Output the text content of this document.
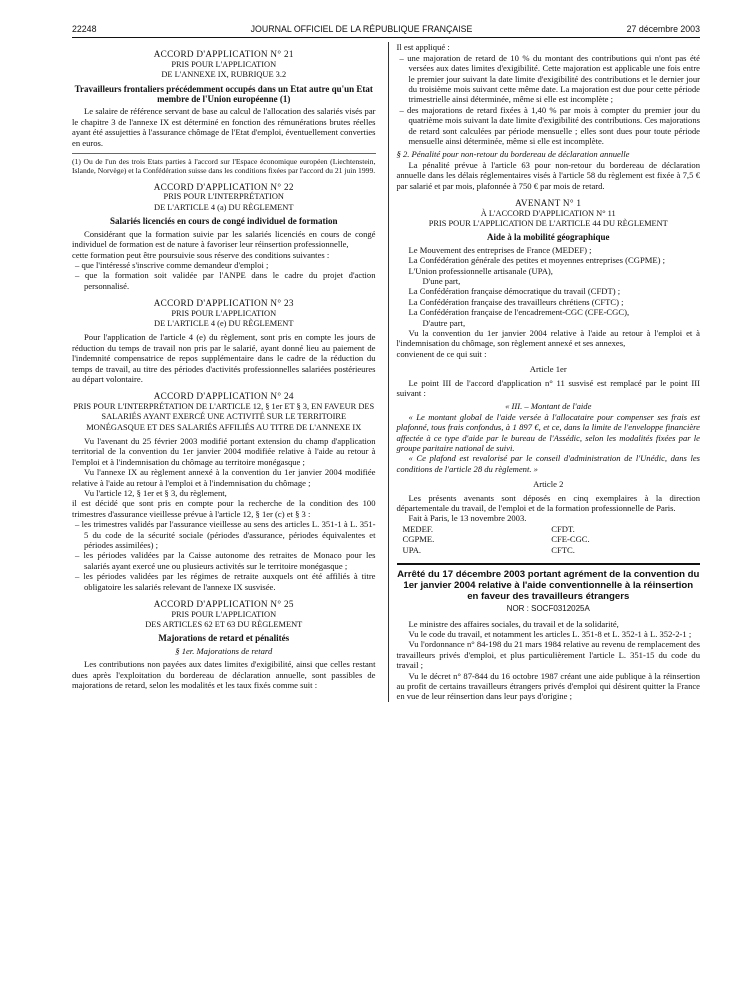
22248	JOURNAL OFFICIEL DE LA RÉPUBLIQUE FRANÇAISE	27 décembre 2003
ACCORD D'APPLICATION N° 21
PRIS POUR L'APPLICATION
DE L'ANNEXE IX, RUBRIQUE 3.2
Travailleurs frontaliers précédemment occupés dans un Etat autre qu'un Etat membre de l'Union européenne (1)

Le salaire de référence servant de base au calcul de l'allocation des salariés visés par le chapitre 3 de l'annexe IX est déterminé en fonction des rémunérations brutes réelles ayant été assujetties à l'assurance chômage de l'Etat d'emploi, éventuellement converties en euros.

(1) Ou de l'un des trois Etats parties à l'accord sur l'Espace économique européen (Liechtenstein, Islande, Norvège) et la Confédération suisse dans les conditions fixées par l'accord du 21 juin 1999.
ACCORD D'APPLICATION N° 22
PRIS POUR L'INTERPRÉTATION
DE L'ARTICLE 4 (a) DU RÈGLEMENT
Salariés licenciés en cours de congé individuel de formation

Considérant que la formation suivie par les salariés licenciés en cours de congé individuel de formation est de nature à favoriser leur réinsertion professionnelle,

cette formation peut être poursuivie sous réserve des conditions suivantes :

– que l'intéressé s'inscrive comme demandeur d'emploi ;
– que la formation soit validée par l'ANPE dans le cadre du projet d'action personnalisé.
ACCORD D'APPLICATION N° 23
PRIS POUR L'APPLICATION
DE L'ARTICLE 4 (e) DU RÈGLEMENT

Pour l'application de l'article 4 (e) du règlement, sont pris en compte les jours de réduction du temps de travail non pris par le salarié, ayant donné lieu au paiement de l'indemnité compensatrice de repos supplémentaire dans le cadre de la réduction du temps de travail, au titre des périodes d'activités professionnelles salariées postérieures au départ volontaire.

ACCORD D'APPLICATION N° 24
PRIS POUR L'INTERPRÉTATION DE L'ARTICLE 12, § 1er ET § 3, EN FAVEUR DES SALARIÉS AYANT EXERCÉ UNE ACTIVITÉ SUR LE TERRITOIRE MONÉGASQUE ET DES SALARIÉS AFFILIÉS AU TITRE DE L'ANNEXE IX

Vu l'avenant du 25 février 2003 modifié portant extension du champ d'application territorial de la convention du 1er janvier 2004 modifiée relative à l'aide au retour à l'emploi et à l'indemnisation du chômage au territoire monégasque ;

Vu l'annexe IX au règlement annexé à la convention du 1er janvier 2004 modifiée relative à l'aide au retour à l'emploi et à l'indemnisation du chômage ;

Vu l'article 12, § 1er et § 3, du règlement,

il est décidé que sont pris en compte pour la recherche de la condition des 100 trimestres d'assurance vieillesse prévue à l'article 12, § 1er (c) et § 3 :

– les trimestres validés par l'assurance vieillesse au sens des articles L. 351-1 à L. 351-5 du code de la sécurité sociale (périodes d'assurance, périodes équivalentes et périodes assimilées) ;
– les périodes validées par la Caisse autonome des retraites de Monaco pour les salariés ayant exercé une ou plusieurs activités sur le territoire monégasque ;
– les périodes validées par les régimes de retraite auxquels ont été affiliés à titre obligatoire les salariés relevant de l'annexe IX susvisée.
ACCORD D'APPLICATION N° 25
PRIS POUR L'APPLICATION
DES ARTICLES 62 ET 63 DU RÈGLEMENT
Majorations de retard et pénalités
§ 1er. Majorations de retard

Les contributions non payées aux dates limites d'exigibilité, ainsi que celles restant dues après l'exploitation du bordereau de déclaration annuelle, sont passibles de majorations de retard, selon les modalités et les taux fixés comme suit :

Il est appliqué :

– une majoration de retard de 10 % du montant des contributions qui n'ont pas été versées aux dates limites d'exigibilité. Cette majoration est applicable une fois entre le premier jour suivant la date limite d'exigibilité des contributions et le dernier jour du troisième mois suivant cette même date. La majoration est due pour cette période trimestrielle ainsi déterminée, même si elle est incomplète ;
– des majorations de retard fixées à 1,40 % par mois à compter du premier jour du quatrième mois suivant la date limite d'exigibilité des contributions. Ces majorations de retard sont calculées par période mensuelle ; elles sont dues pour toute période mensuelle ainsi déterminée, même si elle est incomplète.

§ 2. Pénalité pour non-retour du bordereau de déclaration annuelle

La pénalité prévue à l'article 63 pour non-retour du bordereau de déclaration annuelle dans les délais réglementaires visés à l'article 58 du règlement est fixée à 7,5 € par salarié et par mois, plafonnée à 750 € par mois de retard.

AVENANT N° 1
À L'ACCORD D'APPLICATION N° 11
PRIS POUR L'APPLICATION DE L'ARTICLE 44 DU RÈGLEMENT
Aide à la mobilité géographique

Le Mouvement des entreprises de France (MEDEF) ;

La Confédération générale des petites et moyennes entreprises (CGPME) ;

L'Union professionnelle artisanale (UPA),

D'une part,

La Confédération française démocratique du travail (CFDT) ;

La Confédération française des travailleurs chrétiens (CFTC) ;

La Confédération française de l'encadrement-CGC (CFE-CGC),

D'autre part,

Vu la convention du 1er janvier 2004 relative à l'aide au retour à l'emploi et à l'indemnisation du chômage, son règlement annexé et ses annexes,

convienent de ce qui suit :

Article 1er

Le point III de l'accord d'application n° 11 susvisé est remplacé par le point III suivant :

« III. – Montant de l'aide

« Le montant global de l'aide versée à l'allocataire pour compenser ses frais est plafonné, tous frais confondus, à 1 897 €, et ce, dans la limite de l'enveloppe financière affectée à ce type d'aide par le bureau de l'Assédic, selon les modalités fixées par le groupe paritaire national de suivi.

« Ce plafond est revalorisé par le conseil d'administration de l'Unédic, dans les conditions de l'article 28 du règlement. »

Article 2

Les présents avenants sont déposés en cinq exemplaires à la direction départementale du travail, de l'emploi et de la formation professionnelle de Paris.

Fait à Paris, le 13 novembre 2003.

MEDEF.	CFDT.
CGPME.	CFE-CGC.
UPA.	CFTC.
Arrêté du 17 décembre 2003 portant agrément de la convention du 1er janvier 2004 relative à l'aide conventionnelle à la réinsertion en faveur des travailleurs étrangers
NOR : SOCF0312025A

Le ministre des affaires sociales, du travail et de la solidarité,

Vu le code du travail, et notamment les articles L. 351-8 et L. 352-1 à L. 352-2-1 ;

Vu l'ordonnance n° 84-198 du 21 mars 1984 relative au revenu de remplacement des travailleurs privés d'emploi, et plus particulièrement l'article L. 351-15 du code du travail ;

Vu le décret n° 87-844 du 16 octobre 1987 créant une aide publique à la réinsertion au profit de certains travailleurs étrangers privés d'emploi qui désirent quitter la France en vue de leur réinsertion dans leur pays d'origine ;
